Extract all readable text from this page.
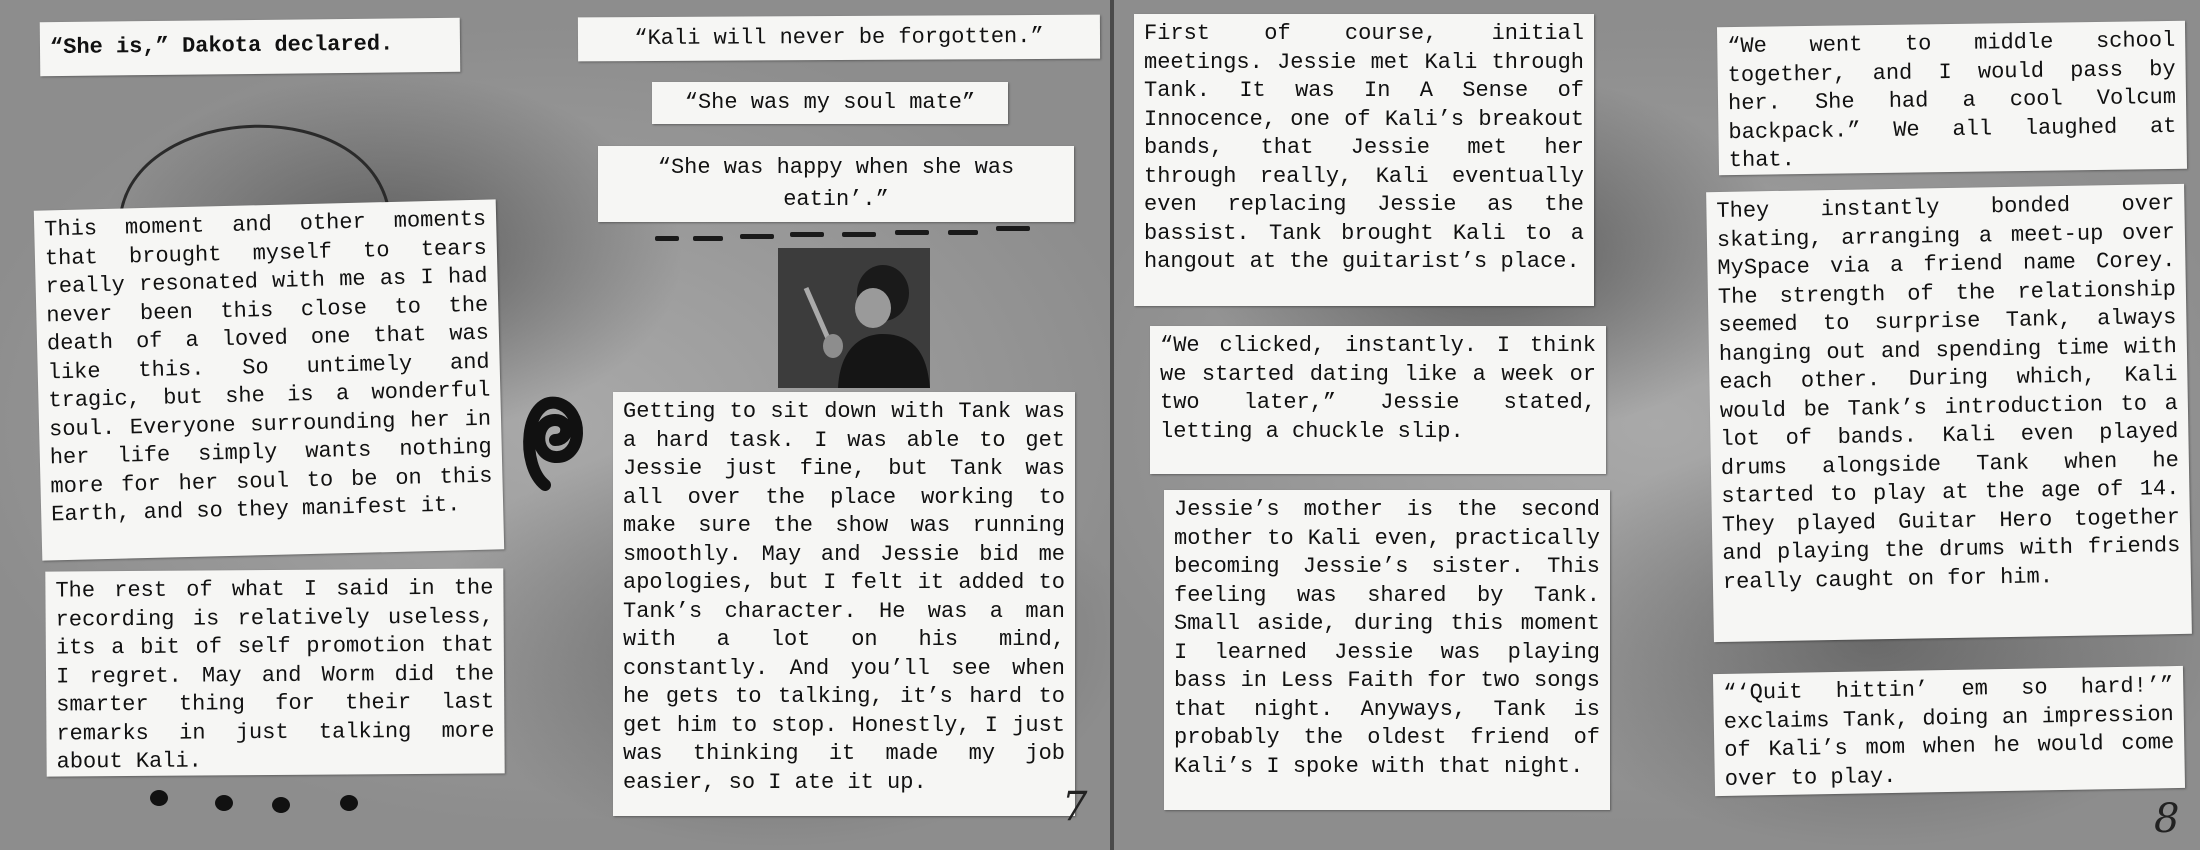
“She is,” Dakota declared.
This moment and other moments that brought myself to tears really resonated with me as I had never been this close to the death of a loved one that was like this. So untimely and tragic, but she is a wonderful soul. Everyone surrounding her in her life simply wants nothing more for her soul to be on this Earth, and so they manifest it.
The rest of what I said in the recording is relatively useless, its a bit of self promotion that I regret. May and Worm did the smarter thing for their last remarks in just talking more about Kali.
“Kali will never be forgotten.”
“She was my soul mate”
“She was happy when she was eatin’.”
Getting to sit down with Tank was a hard task. I was able to get Jessie just fine, but Tank was all over the place working to make sure the show was running smoothly. May and Jessie bid me apologies, but I felt it added to Tank’s character. He was a man with a lot on his mind, constantly. And you’ll see when he gets to talking, it’s hard to get him to stop. Honestly, I just was thinking it made my job easier, so I ate it up.
7
First of course, initial meetings. Jessie met Kali through Tank. It was In A Sense of Innocence, one of Kali’s breakout bands, that Jessie met her through really, Kali eventually even replacing Jessie as the bassist. Tank brought Kali to a hangout at the guitarist’s place.
“We clicked, instantly. I think we started dating like a week or two later,” Jessie stated, letting a chuckle slip.
Jessie’s mother is the second mother to Kali even, practically becoming Jessie’s sister. This feeling was shared by Tank. Small aside, during this moment I learned Jessie was playing bass in Less Faith for two songs that night. Anyways, Tank is probably the oldest friend of Kali’s I spoke with that night.
“We went to middle school together, and I would pass by her. She had a cool Volcum backpack.” We all laughed at that.
They instantly bonded over skating, arranging a meet-up over MySpace via a friend name Corey. The strength of the relationship seemed to surprise Tank, always hanging out and spending time with each other. During which, Kali would be Tank’s introduction to a lot of bands. Kali even played drums alongside Tank when he started to play at the age of 14. They played Guitar Hero together and playing the drums with friends really caught on for him.
“‘Quit hittin’ em so hard!’” exclaims Tank, doing an impression of Kali’s mom when he would come over to play.
8
